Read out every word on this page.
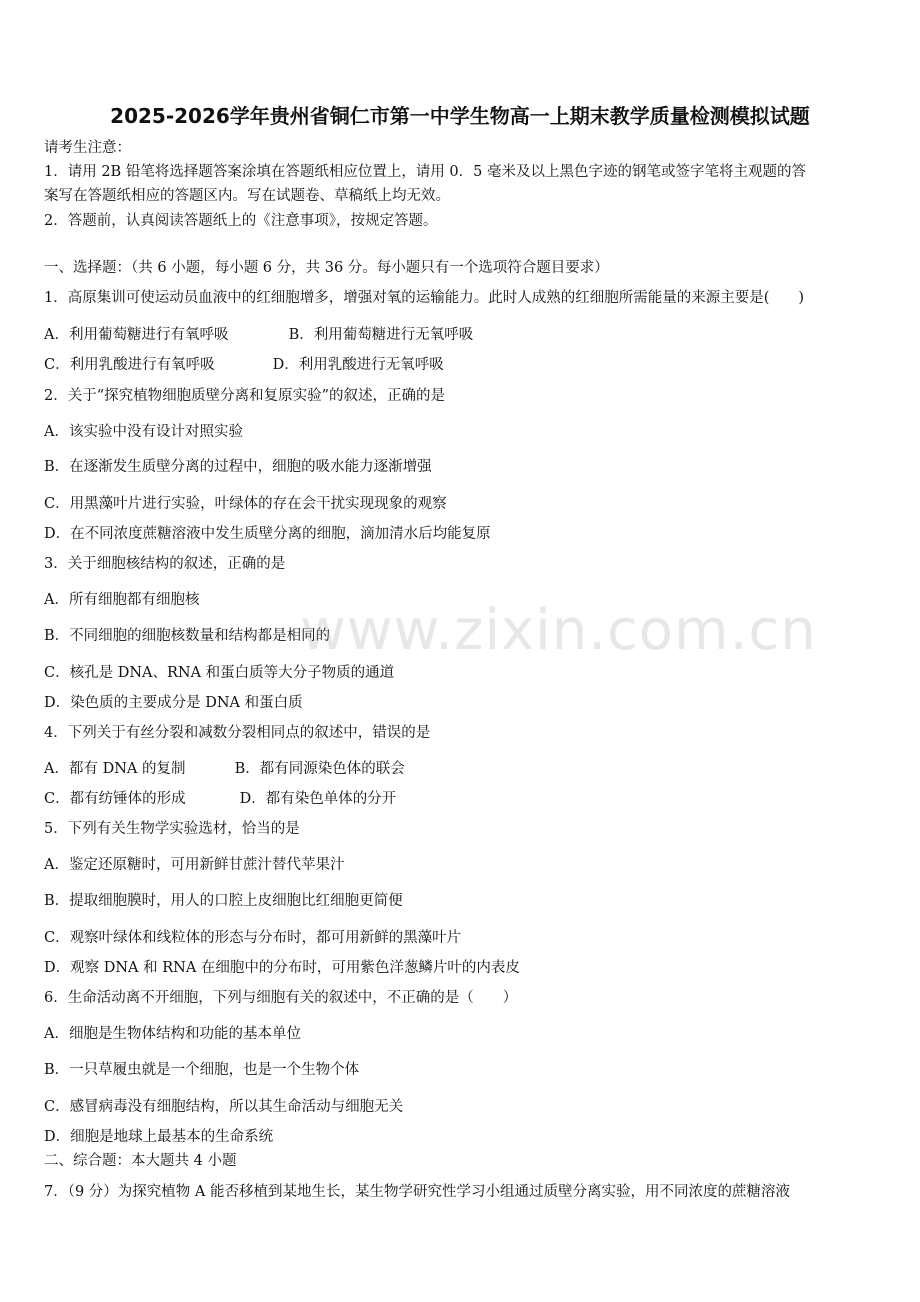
2025-2026学年贵州省铜仁市第一中学生物高一上期末教学质量检测模拟试题
请考生注意：
1．请用 2B 铅笔将选择题答案涂填在答题纸相应位置上，请用 0．5 毫米及以上黑色字迹的钢笔或签字笔将主观题的答
案写在答题纸相应的答题区内。写在试题卷、草稿纸上均无效。
2．答题前，认真阅读答题纸上的《注意事项》，按规定答题。
一、选择题：（共 6 小题，每小题 6 分，共 36 分。每小题只有一个选项符合题目要求）
1．高原集训可使运动员血液中的红细胞增多，增强对氧的运输能力。此时人成熟的红细胞所需能量的来源主要是(　　)
A．利用葡萄糖进行有氧呼吸	B．利用葡萄糖进行无氧呼吸
C．利用乳酸进行有氧呼吸	D．利用乳酸进行无氧呼吸
2．关于“探究植物细胞质壁分离和复原实验”的叙述，正确的是
A．该实验中没有设计对照实验
B．在逐渐发生质壁分离的过程中，细胞的吸水能力逐渐增强
C．用黑藻叶片进行实验，叶绿体的存在会干扰实现现象的观察
D．在不同浓度蔗糖溶液中发生质壁分离的细胞，滴加清水后均能复原
3．关于细胞核结构的叙述，正确的是
A．所有细胞都有细胞核
B．不同细胞的细胞核数量和结构都是相同的
C．核孔是 DNA、RNA 和蛋白质等大分子物质的通道
D．染色质的主要成分是 DNA 和蛋白质
4．下列关于有丝分裂和减数分裂相同点的叙述中，错误的是
A．都有 DNA 的复制	B．都有同源染色体的联会
C．都有纺锤体的形成	D．都有染色单体的分开
5．下列有关生物学实验选材，恰当的是
A．鉴定还原糖时，可用新鲜甘蔗汁替代苹果汁
B．提取细胞膜时，用人的口腔上皮细胞比红细胞更简便
C．观察叶绿体和线粒体的形态与分布时，都可用新鲜的黑藻叶片
D．观察 DNA 和 RNA 在细胞中的分布时，可用紫色洋葱鳞片叶的内表皮
6．生命活动离不开细胞，下列与细胞有关的叙述中，不正确的是（　　）
A．细胞是生物体结构和功能的基本单位
B．一只草履虫就是一个细胞，也是一个生物个体
C．感冒病毒没有细胞结构，所以其生命活动与细胞无关
D．细胞是地球上最基本的生命系统
二、综合题：本大题共 4 小题
7．（9 分）为探究植物 A 能否移植到某地生长，某生物学研究性学习小组通过质壁分离实验，用不同浓度的蔗糖溶液
www.zixin.com.cn
